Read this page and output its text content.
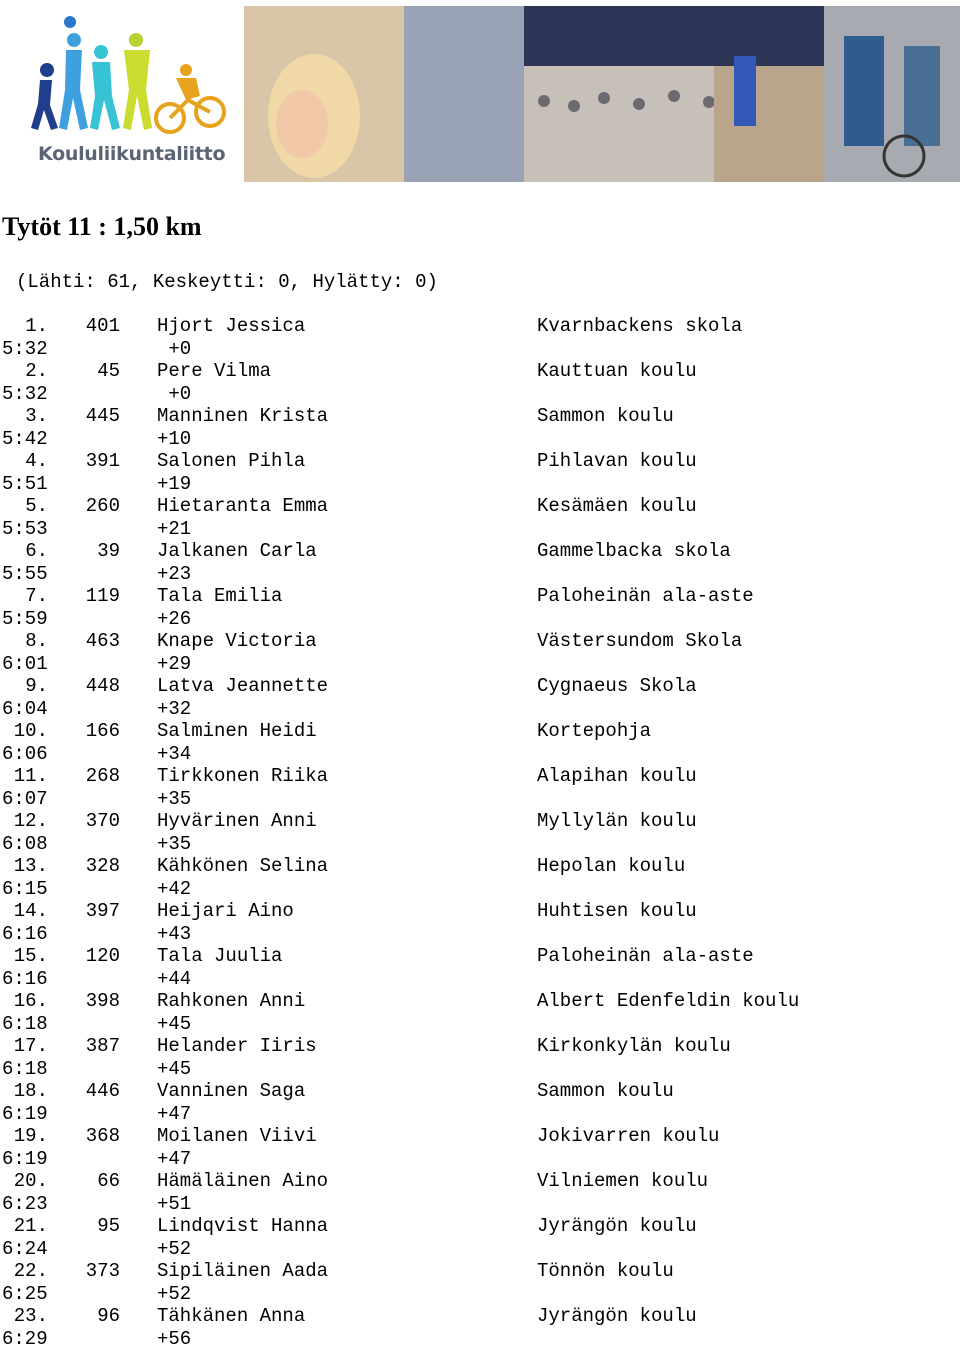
Koululiikuntaliitto
Tytöt 11 : 1,50 km
(Lähti: 61, Keskeytti: 0, Hylätty: 0)
1. 401 Hjort Jessica	Kvarnbackens skola
5:32	+0
2.	45 Pere Vilma	Kauttuan koulu
5:32	+0
3. 445 Manninen Krista	Sammon koulu
5:42	+10
4. 391 Salonen Pihla	Pihlavan koulu
5:51	+19
5. 260 Hietaranta Emma	Kesämäen koulu
5:53	+21
6.	39 Jalkanen Carla	Gammelbacka skola
5:55	+23
7. 119 Tala Emilia	Paloheinän ala-aste
5:59	+26
8. 463 Knape Victoria	Västersundom Skola
6:01	+29
9. 448 Latva Jeannette	Cygnaeus Skola
6:04	+32
10. 166 Salminen Heidi	Kortepohja
6:06	+34
11. 268 Tirkkonen Riika	Alapihan koulu
6:07	+35
12. 370 Hyvärinen Anni	Myllylän koulu
6:08	+35
13. 328 Kähkönen Selina	Hepolan koulu
6:15	+42
14. 397 Heijari Aino	Huhtisen koulu
6:16	+43
15. 120 Tala Juulia	Paloheinän ala-aste
6:16	+44
16. 398 Rahkonen Anni	Albert Edenfeldin koulu
6:18	+45
17. 387 Helander Iiris	Kirkonkylän koulu
6:18	+45
18. 446 Vanninen Saga	Sammon koulu
6:19	+47
19. 368 Moilanen Viivi	Jokivarren koulu
6:19	+47
20.	66 Hämäläinen Aino	Vilniemen koulu
6:23	+51
21.	95 Lindqvist Hanna	Jyrängön koulu
6:24	+52
22. 373 Sipiläinen Aada	Tönnön koulu
6:25	+52
23.	96 Tähkänen Anna	Jyrängön koulu
6:29	+56
